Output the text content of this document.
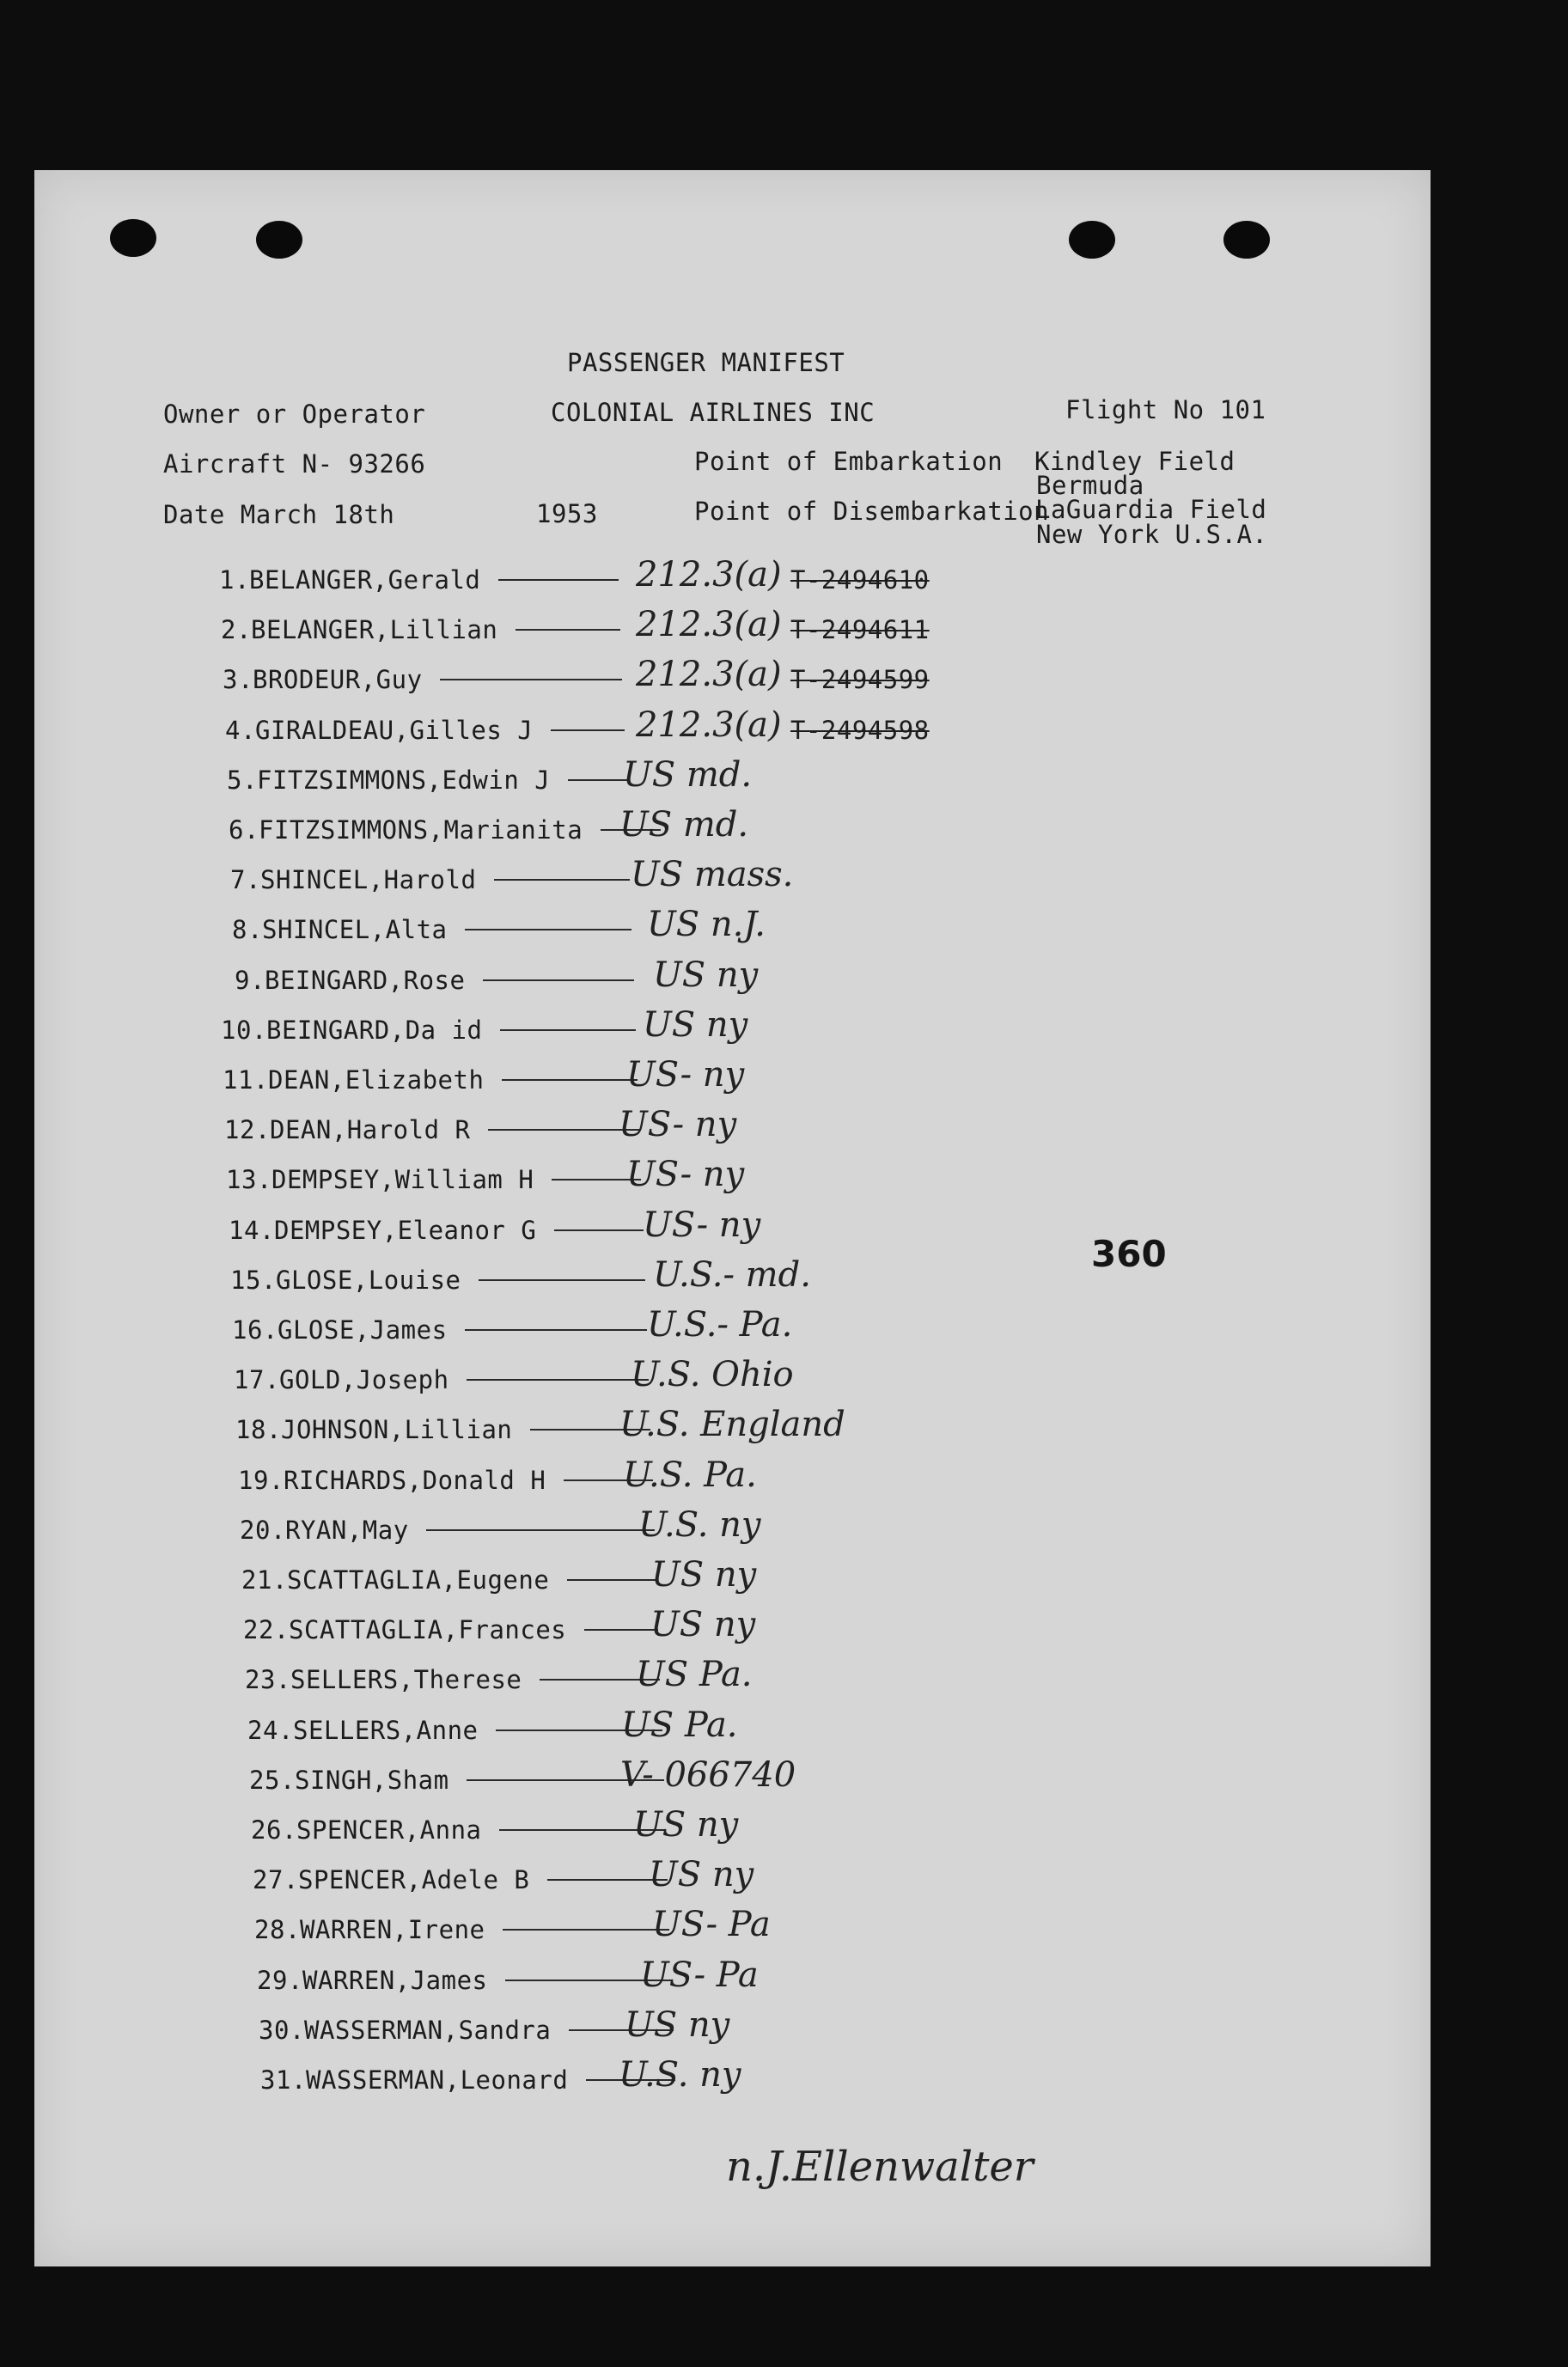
PASSENGER MANIFEST
Owner or Operator	COLONIAL AIRLINES INC	Flight No 101
Aircraft N- 93266	Point of Embarkation Kindley Field
Bermuda
Date March 18th	1953	Point of Disembarkation
LaGuardia Field
New York U.S.A.
1. BELANGER,Gerald	212.3(a) T-2494610
2. BELANGER,Lillian	212.3(a) T-2494611
3. BRODEUR,Guy	212.3(a) T-2494599
4. GIRALDEAU,Gilles J	212.3(a) T-2494598
5. FITZSIMMONS,Edwin J US md.
6. FITZSIMMONS,Marianita US md.
7. SHINCEL,Harold	US mass.
8. SHINCEL,Alta	US n.J.
9. BEINGARD,Rose	US ny
10. BEINGARD,Da id	US ny
11. DEAN,Elizabeth	US- ny
12. DEAN,Harold R	US- ny
13. DEMPSEY,William H	US- ny
14. DEMPSEY,Eleanor G	US- ny
15. GLOSE,Louise	U.S.- md.
16. GLOSE,James	U.S.- Pa.
17. GOLD,Joseph	U.S. Ohio
18. JOHNSON,Lillian	U.S. England
19. RICHARDS,Donald H U.S. Pa.
20. RYAN,May	U.S. ny
21. SCATTAGLIA,Eugene	US ny
22. SCATTAGLIA,Frances US ny
23. SELLERS,Therese	US Pa.
24. SELLERS,Anne	US Pa.
25. SINGH,Sham	V- 066740
26. SPENCER,Anna	US ny
27. SPENCER,Adele B	US ny
28. WARREN,Irene	US- Pa
29. WARREN,James	US- Pa
30. WASSERMAN,Sandra US ny
31. WASSERMAN,Leonard U.S. ny
360
n.J.Ellenwalter
